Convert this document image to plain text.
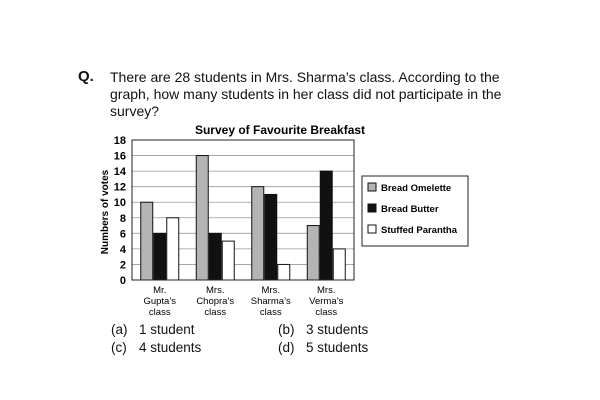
Q. There are 28 students in Mrs. Sharma’s class. According to the graph, how many students in her class did not participate in the survey?
0
2
4
6
8
10
12
14
16
18
Mr.
Gupta’s
class
Mrs.
Chopra’s
class
Mrs.
Sharma’s
class
Mrs.
Verma’s
class
Survey of Favourite Breakfast
Numbers of votes	Bread Omelette
Bread Butter
Stuffed Parantha
(a) 1 student	(b) 3 students
(c) 4 students	(d) 5 students
